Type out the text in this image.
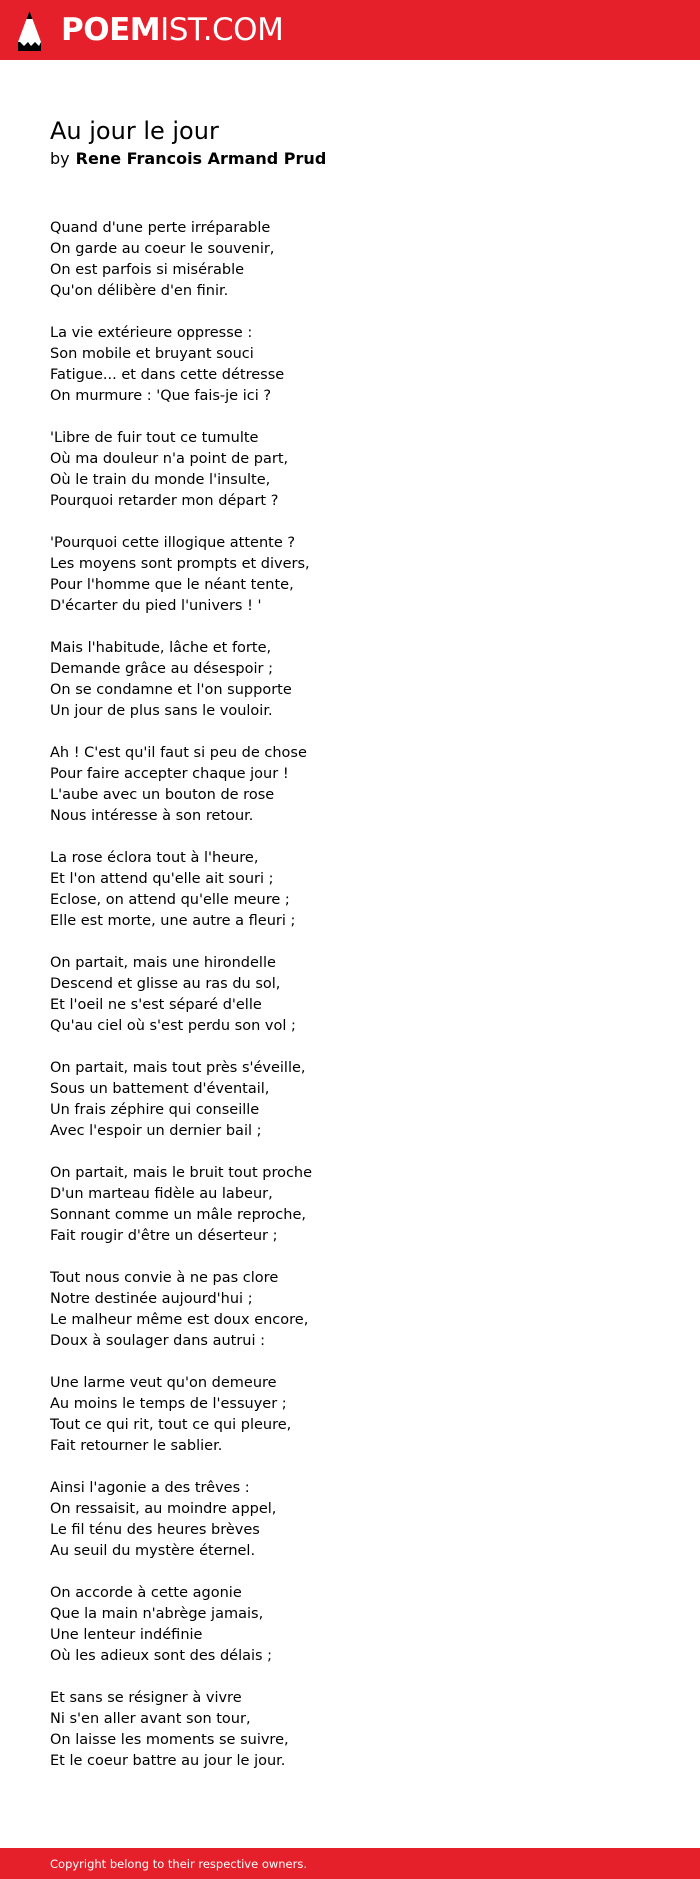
POEMIST.COM
Au jour le jour
by Rene Francois Armand Prud
Quand d'une perte irréparable
On garde au coeur le souvenir,
On est parfois si misérable
Qu'on délibère d'en finir.
La vie extérieure oppresse :
Son mobile et bruyant souci
Fatigue... et dans cette détresse
On murmure : 'Que fais-je ici ?
'Libre de fuir tout ce tumulte
Où ma douleur n'a point de part,
Où le train du monde l'insulte,
Pourquoi retarder mon départ ?
'Pourquoi cette illogique attente ?
Les moyens sont prompts et divers,
Pour l'homme que le néant tente,
D'écarter du pied l'univers ! '
Mais l'habitude, lâche et forte,
Demande grâce au désespoir ;
On se condamne et l'on supporte
Un jour de plus sans le vouloir.
Ah ! C'est qu'il faut si peu de chose
Pour faire accepter chaque jour !
L'aube avec un bouton de rose
Nous intéresse à son retour.
La rose éclora tout à l'heure,
Et l'on attend qu'elle ait souri ;
Eclose, on attend qu'elle meure ;
Elle est morte, une autre a fleuri ;
On partait, mais une hirondelle
Descend et glisse au ras du sol,
Et l'oeil ne s'est séparé d'elle
Qu'au ciel où s'est perdu son vol ;
On partait, mais tout près s'éveille,
Sous un battement d'éventail,
Un frais zéphire qui conseille
Avec l'espoir un dernier bail ;
On partait, mais le bruit tout proche
D'un marteau fidèle au labeur,
Sonnant comme un mâle reproche,
Fait rougir d'être un déserteur ;
Tout nous convie à ne pas clore
Notre destinée aujourd'hui ;
Le malheur même est doux encore,
Doux à soulager dans autrui :
Une larme veut qu'on demeure
Au moins le temps de l'essuyer ;
Tout ce qui rit, tout ce qui pleure,
Fait retourner le sablier.
Ainsi l'agonie a des trêves :
On ressaisit, au moindre appel,
Le fil ténu des heures brèves
Au seuil du mystère éternel.
On accorde à cette agonie
Que la main n'abrège jamais,
Une lenteur indéfinie
Où les adieux sont des délais ;
Et sans se résigner à vivre
Ni s'en aller avant son tour,
On laisse les moments se suivre,
Et le coeur battre au jour le jour.
Copyright belong to their respective owners.
